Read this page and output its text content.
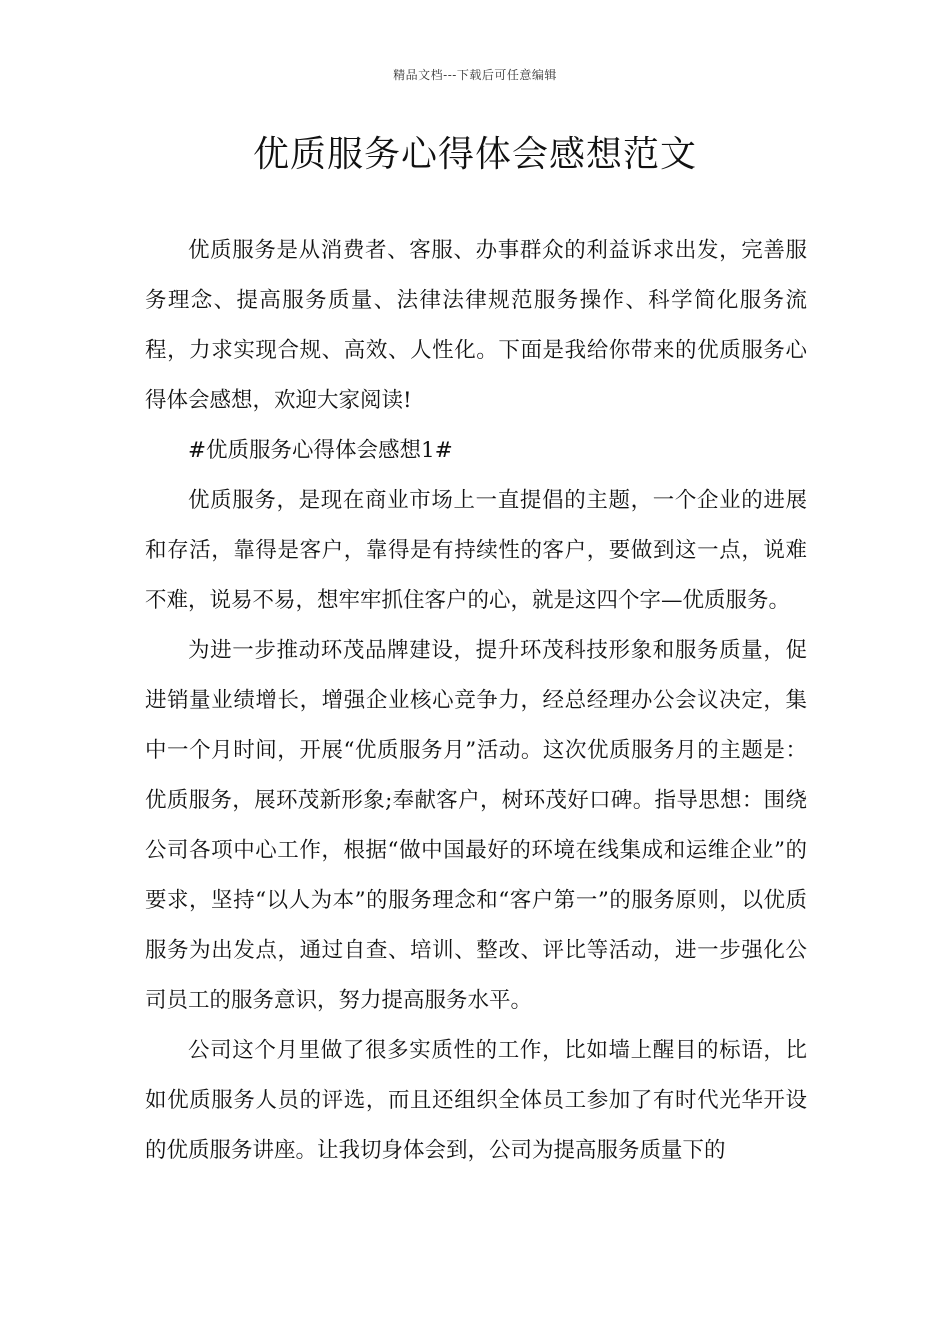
精品文档---下载后可任意编辑
优质服务心得体会感想范文

优质服务是从消费者、客服、办事群众的利益诉求出发，完善服务理念、提高服务质量、法律法律规范服务操作、科学简化服务流程，力求实现合规、高效、人性化。下面是我给你带来的优质服务心得体会感想，欢迎大家阅读!

#优质服务心得体会感想1#

优质服务，是现在商业市场上一直提倡的主题，一个企业的进展和存活，靠得是客户，靠得是有持续性的客户，要做到这一点，说难不难，说易不易，想牢牢抓住客户的心，就是这四个字—优质服务。

为进一步推动环茂品牌建设，提升环茂科技形象和服务质量，促进销量业绩增长，增强企业核心竞争力，经总经理办公会议决定，集中一个月时间，开展“优质服务月”活动。这次优质服务月的主题是：优质服务，展环茂新形象;奉献客户，树环茂好口碑。指导思想：围绕公司各项中心工作，根据“做中国最好的环境在线集成和运维企业”的要求，坚持“以人为本”的服务理念和“客户第一”的服务原则，以优质服务为出发点，通过自查、培训、整改、评比等活动，进一步强化公司员工的服务意识，努力提高服务水平。

公司这个月里做了很多实质性的工作，比如墙上醒目的标语，比如优质服务人员的评选，而且还组织全体员工参加了有时代光华开设的优质服务讲座。让我切身体会到，公司为提高服务质量下的
